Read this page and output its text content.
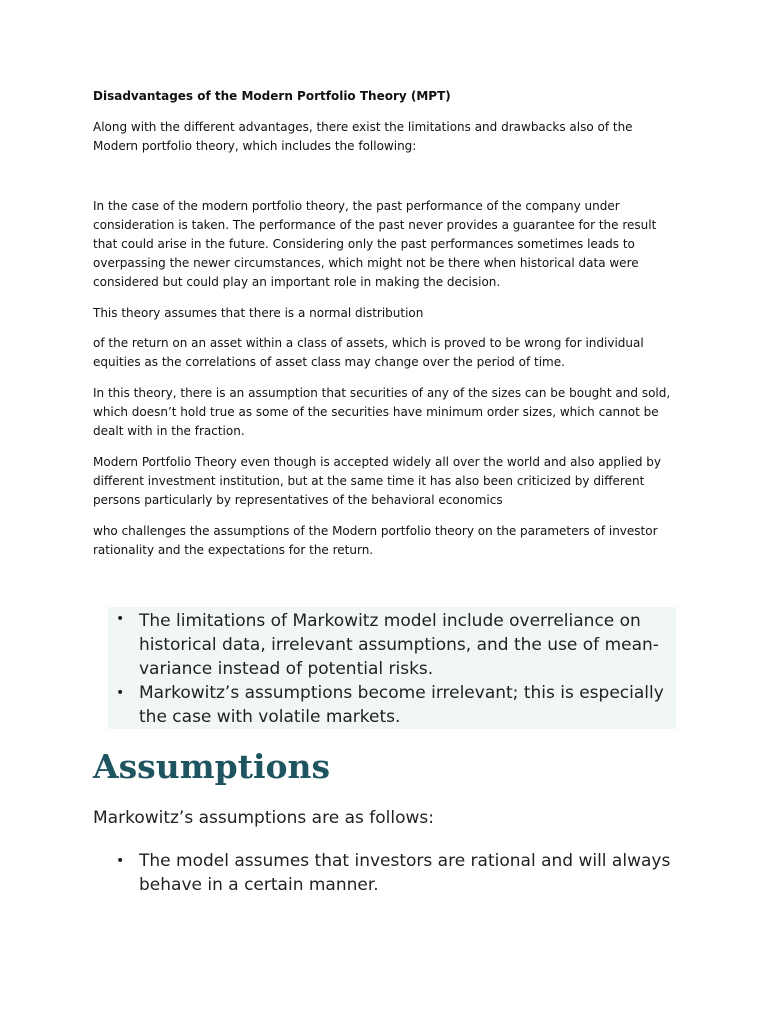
Disadvantages of the Modern Portfolio Theory (MPT)

Along with the different advantages, there exist the limitations and drawbacks also of the Modern portfolio theory, which includes the following:

In the case of the modern portfolio theory, the past performance of the company under consideration is taken. The performance of the past never provides a guarantee for the result that could arise in the future. Considering only the past performances sometimes leads to overpassing the newer circumstances, which might not be there when historical data were considered but could play an important role in making the decision.

This theory assumes that there is a normal distribution

of the return on an asset within a class of assets, which is proved to be wrong for individual equities as the correlations of asset class may change over the period of time.

In this theory, there is an assumption that securities of any of the sizes can be bought and sold, which doesn’t hold true as some of the securities have minimum order sizes, which cannot be dealt with in the fraction.

Modern Portfolio Theory even though is accepted widely all over the world and also applied by different investment institution, but at the same time it has also been criticized by different persons particularly by representatives of the behavioral economics

who challenges the assumptions of the Modern portfolio theory on the parameters of investor rationality and the expectations for the return.

• The limitations of Markowitz model include overreliance on historical data, irrelevant assumptions, and the use of mean-variance instead of potential risks.
• Markowitz’s assumptions become irrelevant; this is especially the case with volatile markets.
Assumptions

Markowitz’s assumptions are as follows:

• The model assumes that investors are rational and will always behave in a certain manner.
